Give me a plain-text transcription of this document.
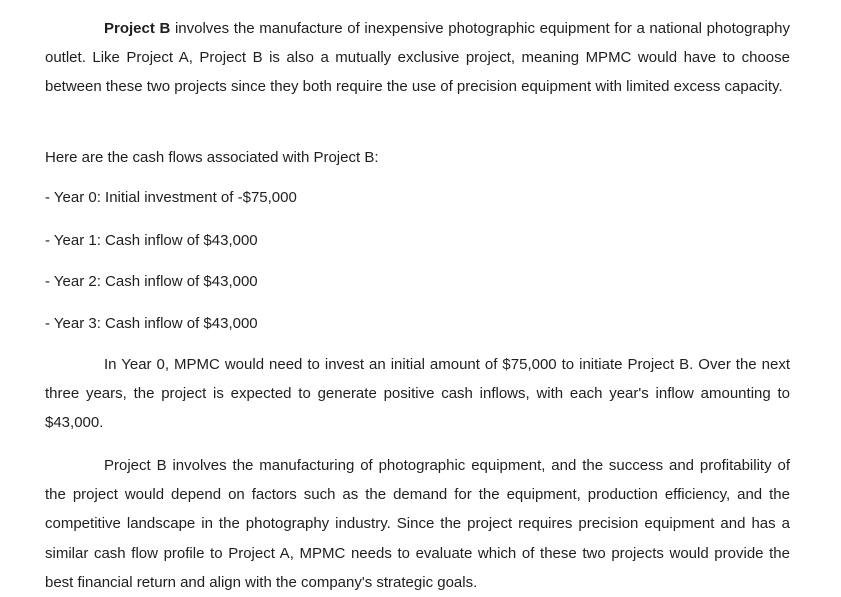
Project B involves the manufacture of inexpensive photographic equipment for a national photography outlet. Like Project A, Project B is also a mutually exclusive project, meaning MPMC would have to choose between these two projects since they both require the use of precision equipment with limited excess capacity.

Here are the cash flows associated with Project B:

- Year 0: Initial investment of -$75,000

- Year 1: Cash inflow of $43,000

- Year 2: Cash inflow of $43,000

- Year 3: Cash inflow of $43,000

In Year 0, MPMC would need to invest an initial amount of $75,000 to initiate Project B. Over the next three years, the project is expected to generate positive cash inflows, with each year's inflow amounting to $43,000.

Project B involves the manufacturing of photographic equipment, and the success and profitability of the project would depend on factors such as the demand for the equipment, production efficiency, and the competitive landscape in the photography industry. Since the project requires precision equipment and has a similar cash flow profile to Project A, MPMC needs to evaluate which of these two projects would provide the best financial return and align with the company's strategic goals.
